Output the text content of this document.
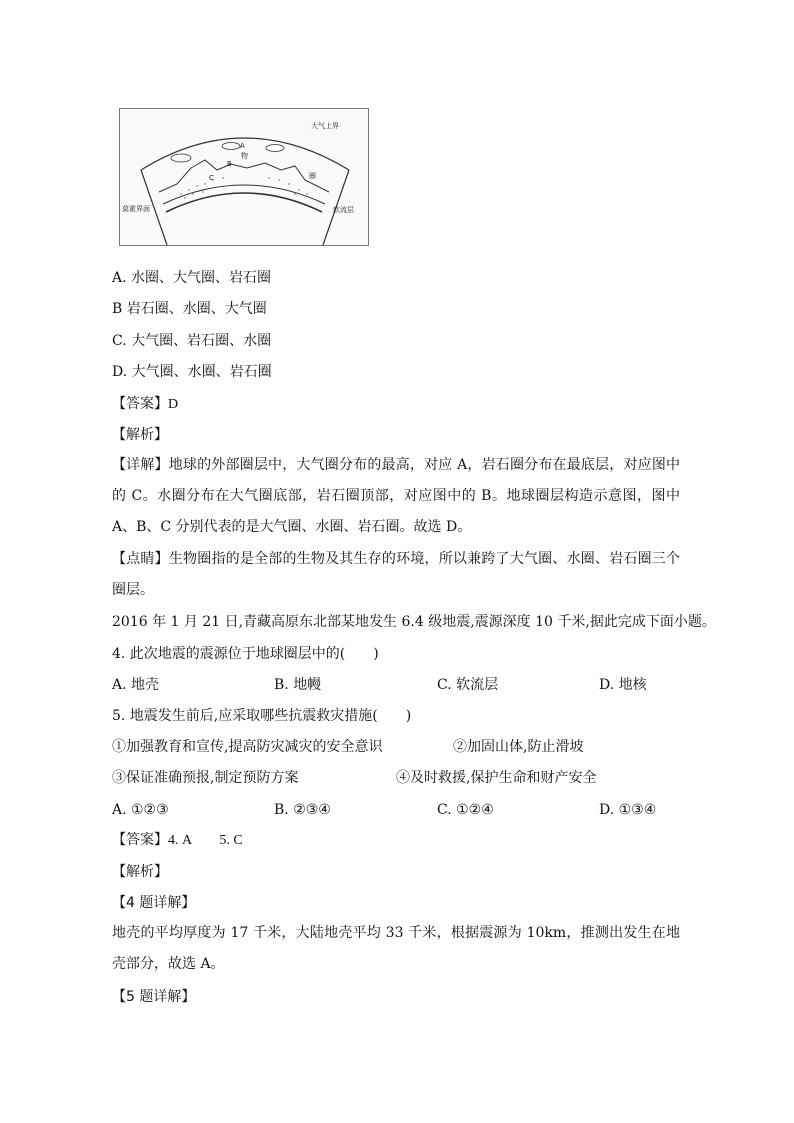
大气上界
A
物
B
C	圈
莫霍界面	软流层
A. 水圈、大气圈、岩石圈
B 岩石圈、水圈、大气圈
C. 大气圈、岩石圈、水圈
D. 大气圈、水圈、岩石圈
【答案】D
【解析】
【详解】地球的外部圈层中，大气圈分布的最高，对应 A，岩石圈分布在最底层，对应图中的 C。水圈分布在大气圈底部，岩石圈顶部，对应图中的 B。地球圈层构造示意图，图中 A、B、C 分别代表的是大气圈、水圈、岩石圈。故选 D。
【点睛】生物圈指的是全部的生物及其生存的环境，所以兼跨了大气圈、水圈、岩石圈三个圈层。
2016 年 1 月 21 日,青藏高原东北部某地发生 6.4 级地震,震源深度 10 千米,据此完成下面小题。
4. 此次地震的震源位于地球圈层中的(　　)
A. 地壳	B. 地幔	C. 软流层	D. 地核
5. 地震发生前后,应采取哪些抗震救灾措施(　　)
①加强教育和宣传,提高防灾减灾的安全意识	②加固山体,防止滑坡
③保证准确预报,制定预防方案	④及时救援,保护生命和财产安全
A. ①②③	B. ②③④	C. ①②④	D. ①③④
【答案】4. A　　5. C
【解析】
【4 题详解】
地壳的平均厚度为 17 千米，大陆地壳平均 33 千米，根据震源为 10km，推测出发生在地壳部分，故选 A。
【5 题详解】
